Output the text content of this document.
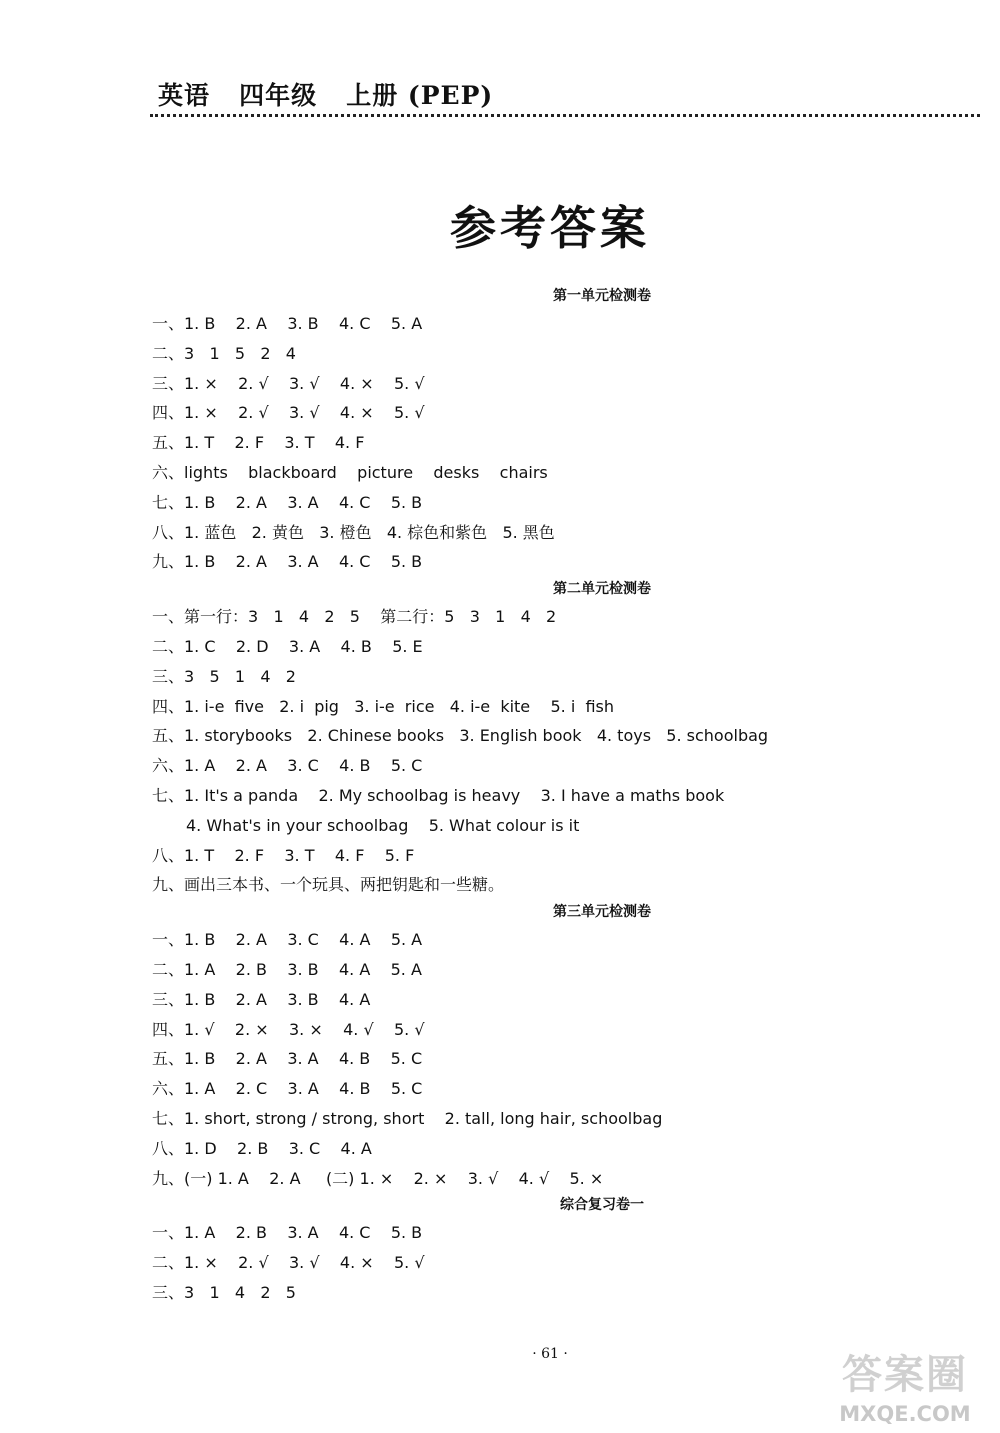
英语   四年级   上册 (PEP)
参考答案
第一单元检测卷
一、1. B    2. A    3. B    4. C    5. A
二、3   1   5   2   4
三、1. ×    2. √    3. √    4. ×    5. √
四、1. ×    2. √    3. √    4. ×    5. √
五、1. T    2. F    3. T    4. F
六、lights    blackboard    picture    desks    chairs
七、1. B    2. A    3. A    4. C    5. B
八、1. 蓝色   2. 黄色   3. 橙色   4. 棕色和紫色   5. 黑色
九、1. B    2. A    3. A    4. C    5. B
第二单元检测卷
一、第一行：3   1   4   2   5    第二行：5   3   1   4   2
二、1. C    2. D    3. A    4. B    5. E
三、3   5   1   4   2
四、1. i-e  five   2. i  pig   3. i-e  rice   4. i-e  kite    5. i  fish
五、1. storybooks   2. Chinese books   3. English book   4. toys   5. schoolbag
六、1. A    2. A    3. C    4. B    5. C
七、1. It's a panda    2. My schoolbag is heavy    3. I have a maths book
4. What's in your schoolbag    5. What colour is it
八、1. T    2. F    3. T    4. F    5. F
九、画出三本书、一个玩具、两把钥匙和一些糖。
第三单元检测卷
一、1. B    2. A    3. C    4. A    5. A
二、1. A    2. B    3. B    4. A    5. A
三、1. B    2. A    3. B    4. A
四、1. √    2. ×    3. ×    4. √    5. √
五、1. B    2. A    3. A    4. B    5. C
六、1. A    2. C    3. A    4. B    5. C
七、1. short, strong / strong, short    2. tall, long hair, schoolbag
八、1. D    2. B    3. C    4. A
九、(一) 1. A    2. A     (二) 1. ×    2. ×    3. √    4. √    5. ×
综合复习卷一
一、1. A    2. B    3. A    4. C    5. B
二、1. ×    2. √    3. √    4. ×    5. √
三、3   1   4   2   5
· 61 ·	答案圈
MXQE.COM
